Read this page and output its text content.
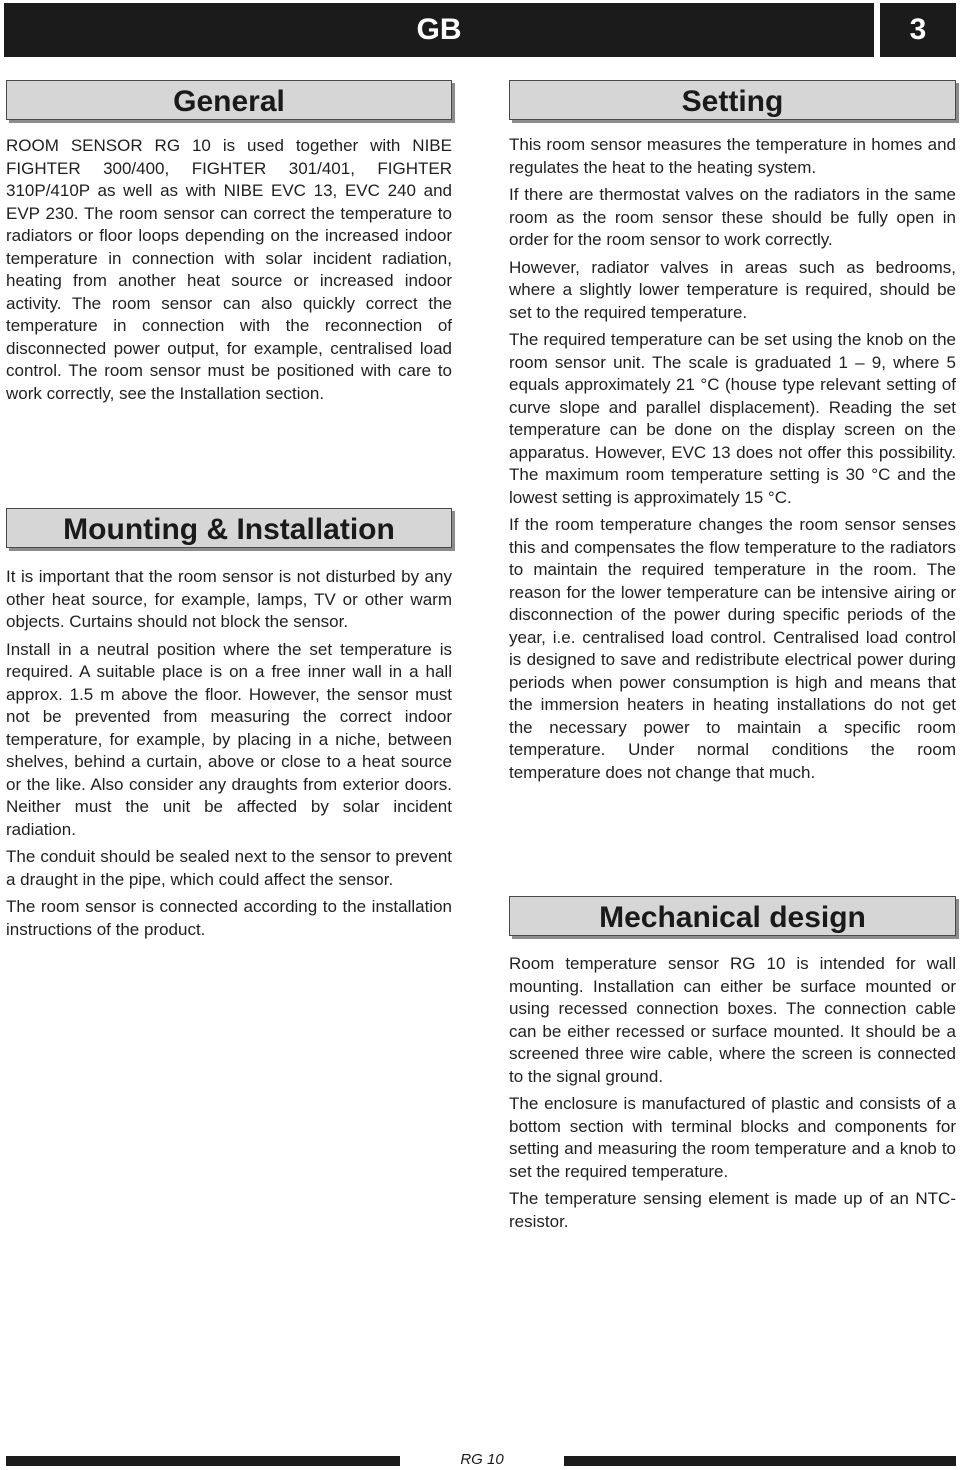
GB	3
General

ROOM SENSOR RG 10 is used together with NIBE FIGHTER 300/400, FIGHTER 301/401, FIGHTER 310P/410P as well as with NIBE EVC 13, EVC 240 and EVP 230. The room sensor can correct the temperature to radiators or floor loops depending on the increased indoor temperature in connection with solar incident radiation, heating from another heat source or increased indoor activity. The room sensor can also quickly correct the temperature in connection with the reconnection of disconnected power output, for example, centralised load control. The room sensor must be positioned with care to work correctly, see the Installation section.

Mounting & Installation

It is important that the room sensor is not disturbed by any other heat source, for example, lamps, TV or other warm objects. Curtains should not block the sensor.

Install in a neutral position where the set temperature is required. A suitable place is on a free inner wall in a hall approx. 1.5 m above the floor. However, the sensor must not be prevented from measuring the correct indoor temperature, for example, by placing in a niche, between shelves, behind a curtain, above or close to a heat source or the like. Also consider any draughts from exterior doors. Neither must the unit be affected by solar incident radiation.

The conduit should be sealed next to the sensor to prevent a draught in the pipe, which could affect the sensor.

The room sensor is connected according to the installation instructions of the product.

Setting

This room sensor measures the temperature in homes and regulates the heat to the heating system.

If there are thermostat valves on the radiators in the same room as the room sensor these should be fully open in order for the room sensor to work correctly.

However, radiator valves in areas such as bedrooms, where a slightly lower temperature is required, should be set to the required temperature.

The required temperature can be set using the knob on the room sensor unit. The scale is graduated 1 – 9, where 5 equals approximately 21 °C (house type relevant setting of curve slope and parallel displacement). Reading the set temperature can be done on the display screen on the apparatus. However, EVC 13 does not offer this possibility. The maximum room temperature setting is 30 °C and the lowest setting is approximately 15 °C.

If the room temperature changes the room sensor senses this and compensates the flow temperature to the radiators to maintain the required temperature in the room. The reason for the lower temperature can be intensive airing or disconnection of the power during specific periods of the year, i.e. centralised load control. Centralised load control is designed to save and redistribute electrical power during periods when power consumption is high and means that the immersion heaters in heating installations do not get the necessary power to maintain a specific room temperature. Under normal conditions the room temperature does not change that much.

Mechanical design

Room temperature sensor RG 10 is intended for wall mounting. Installation can either be surface mounted or using recessed connection boxes. The connection cable can be either recessed or surface mounted. It should be a screened three wire cable, where the screen is connected to the signal ground.

The enclosure is manufactured of plastic and consists of a bottom section with terminal blocks and components for setting and measuring the room temperature and a knob to set the required temperature.

The temperature sensing element is made up of an NTC-resistor.

RG 10
